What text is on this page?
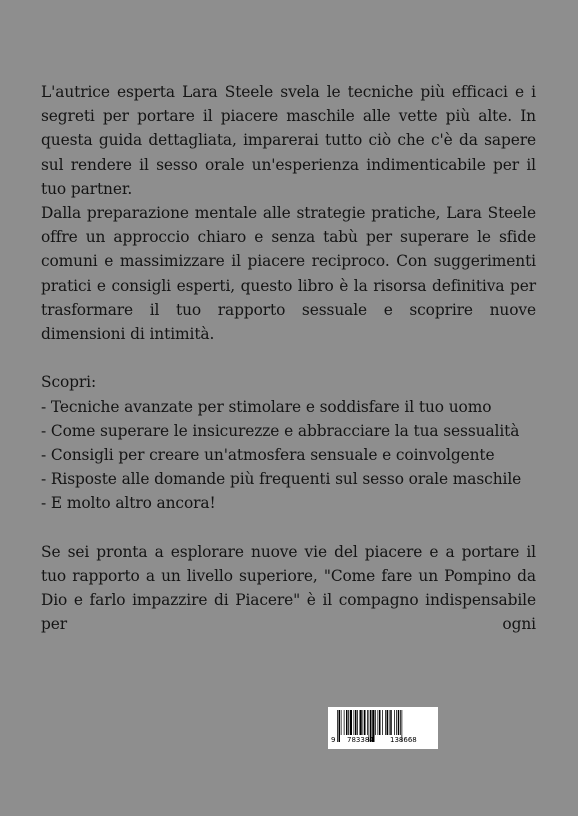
L'autrice esperta Lara Steele svela le tecniche più efficaci e i segreti per portare il piacere maschile alle vette più alte. In questa guida dettagliata, imparerai tutto ciò che c'è da sapere sul rendere il sesso orale un'esperienza indimenticabile per il tuo partner.

Dalla preparazione mentale alle strategie pratiche, Lara Steele offre un approccio chiaro e senza tabù per superare le sfide comuni e massimizzare il piacere reciproco. Con suggerimenti pratici e consigli esperti, questo libro è la risorsa definitiva per trasformare il tuo rapporto sessuale e scoprire nuove dimensioni di intimità.

Scopri:

- Tecniche avanzate per stimolare e soddisfare il tuo uomo

- Come superare le insicurezze e abbracciare la tua sessualità

- Consigli per creare un'atmosfera sensuale e coinvolgente

- Risposte alle domande più frequenti sul sesso orale maschile

- E molto altro ancora!

Se sei pronta a esplorare nuove vie del piacere e a portare il tuo rapporto a un livello superiore, "Come fare un Pompino da Dio e farlo impazzire di Piacere" è il compagno indispensabile per ogni

9 783384 138668
